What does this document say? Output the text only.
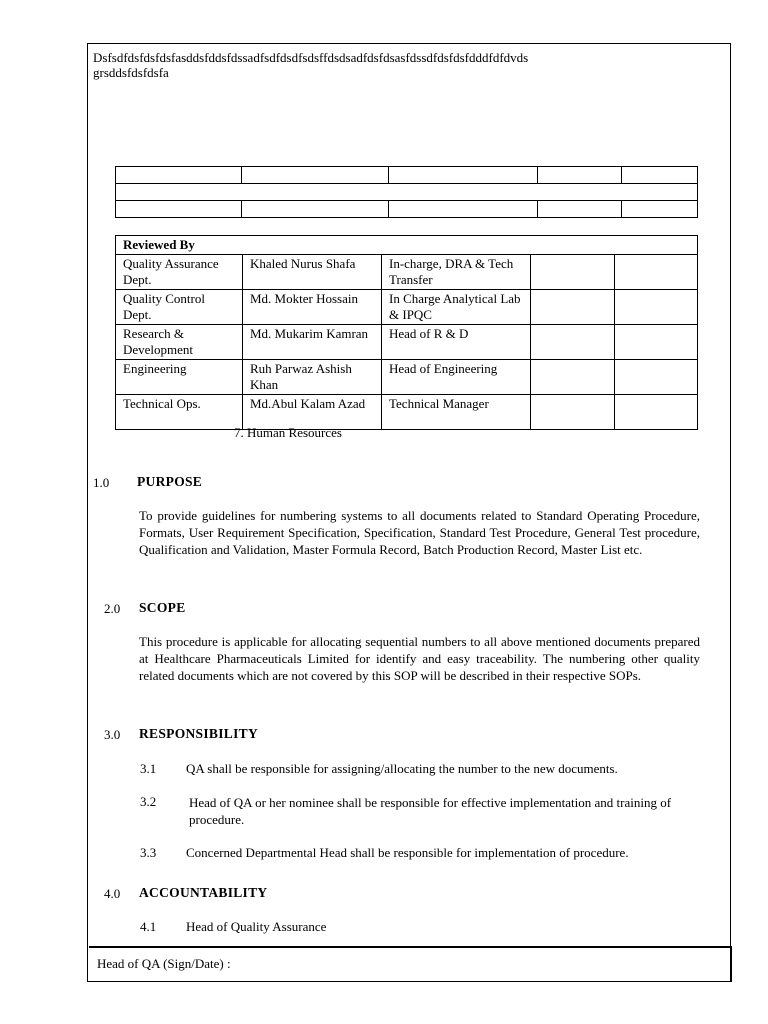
Dsfsdfdsfdsfdsfasddsfddsfdssadfsdfdsdfsdsffdsdsadfdsfdsasfdssdfdsfdsfdddfdfdvds
grsddsfdsfdsfa

Reviewed By				
Quality Assurance Dept.	Khaled Nurus Shafa	In-charge, DRA & Tech Transfer		
Quality Control Dept.	Md. Mokter Hossain	In Charge Analytical Lab & IPQC		
Research & Development	Md. Mukarim Kamran	Head of R & D		
Engineering	Ruh Parwaz Ashish Khan	Head of Engineering		
Technical Ops.	Md.Abul Kalam Azad	Technical Manager		
7. Human Resources
1.0 PURPOSE
To provide guidelines for numbering systems to all documents related to Standard Operating Procedure, Formats, User Requirement Specification, Specification, Standard Test Procedure, General Test procedure, Qualification and Validation, Master Formula Record, Batch Production Record, Master List etc.
2.0 SCOPE
This procedure is applicable for allocating sequential numbers to all above mentioned documents prepared at Healthcare Pharmaceuticals Limited for identify and easy traceability. The numbering other quality related documents which are not covered by this SOP will be described in their respective SOPs.
3.0 RESPONSIBILITY
3.1 QA shall be responsible for assigning/allocating the number to the new documents.
3.2	Head of QA or her nominee shall be responsible for effective implementation and training of procedure.
3.3 Concerned Departmental Head shall be responsible for implementation of procedure.
4.0 ACCOUNTABILITY
4.1 Head of Quality Assurance
Head of QA (Sign/Date) :
